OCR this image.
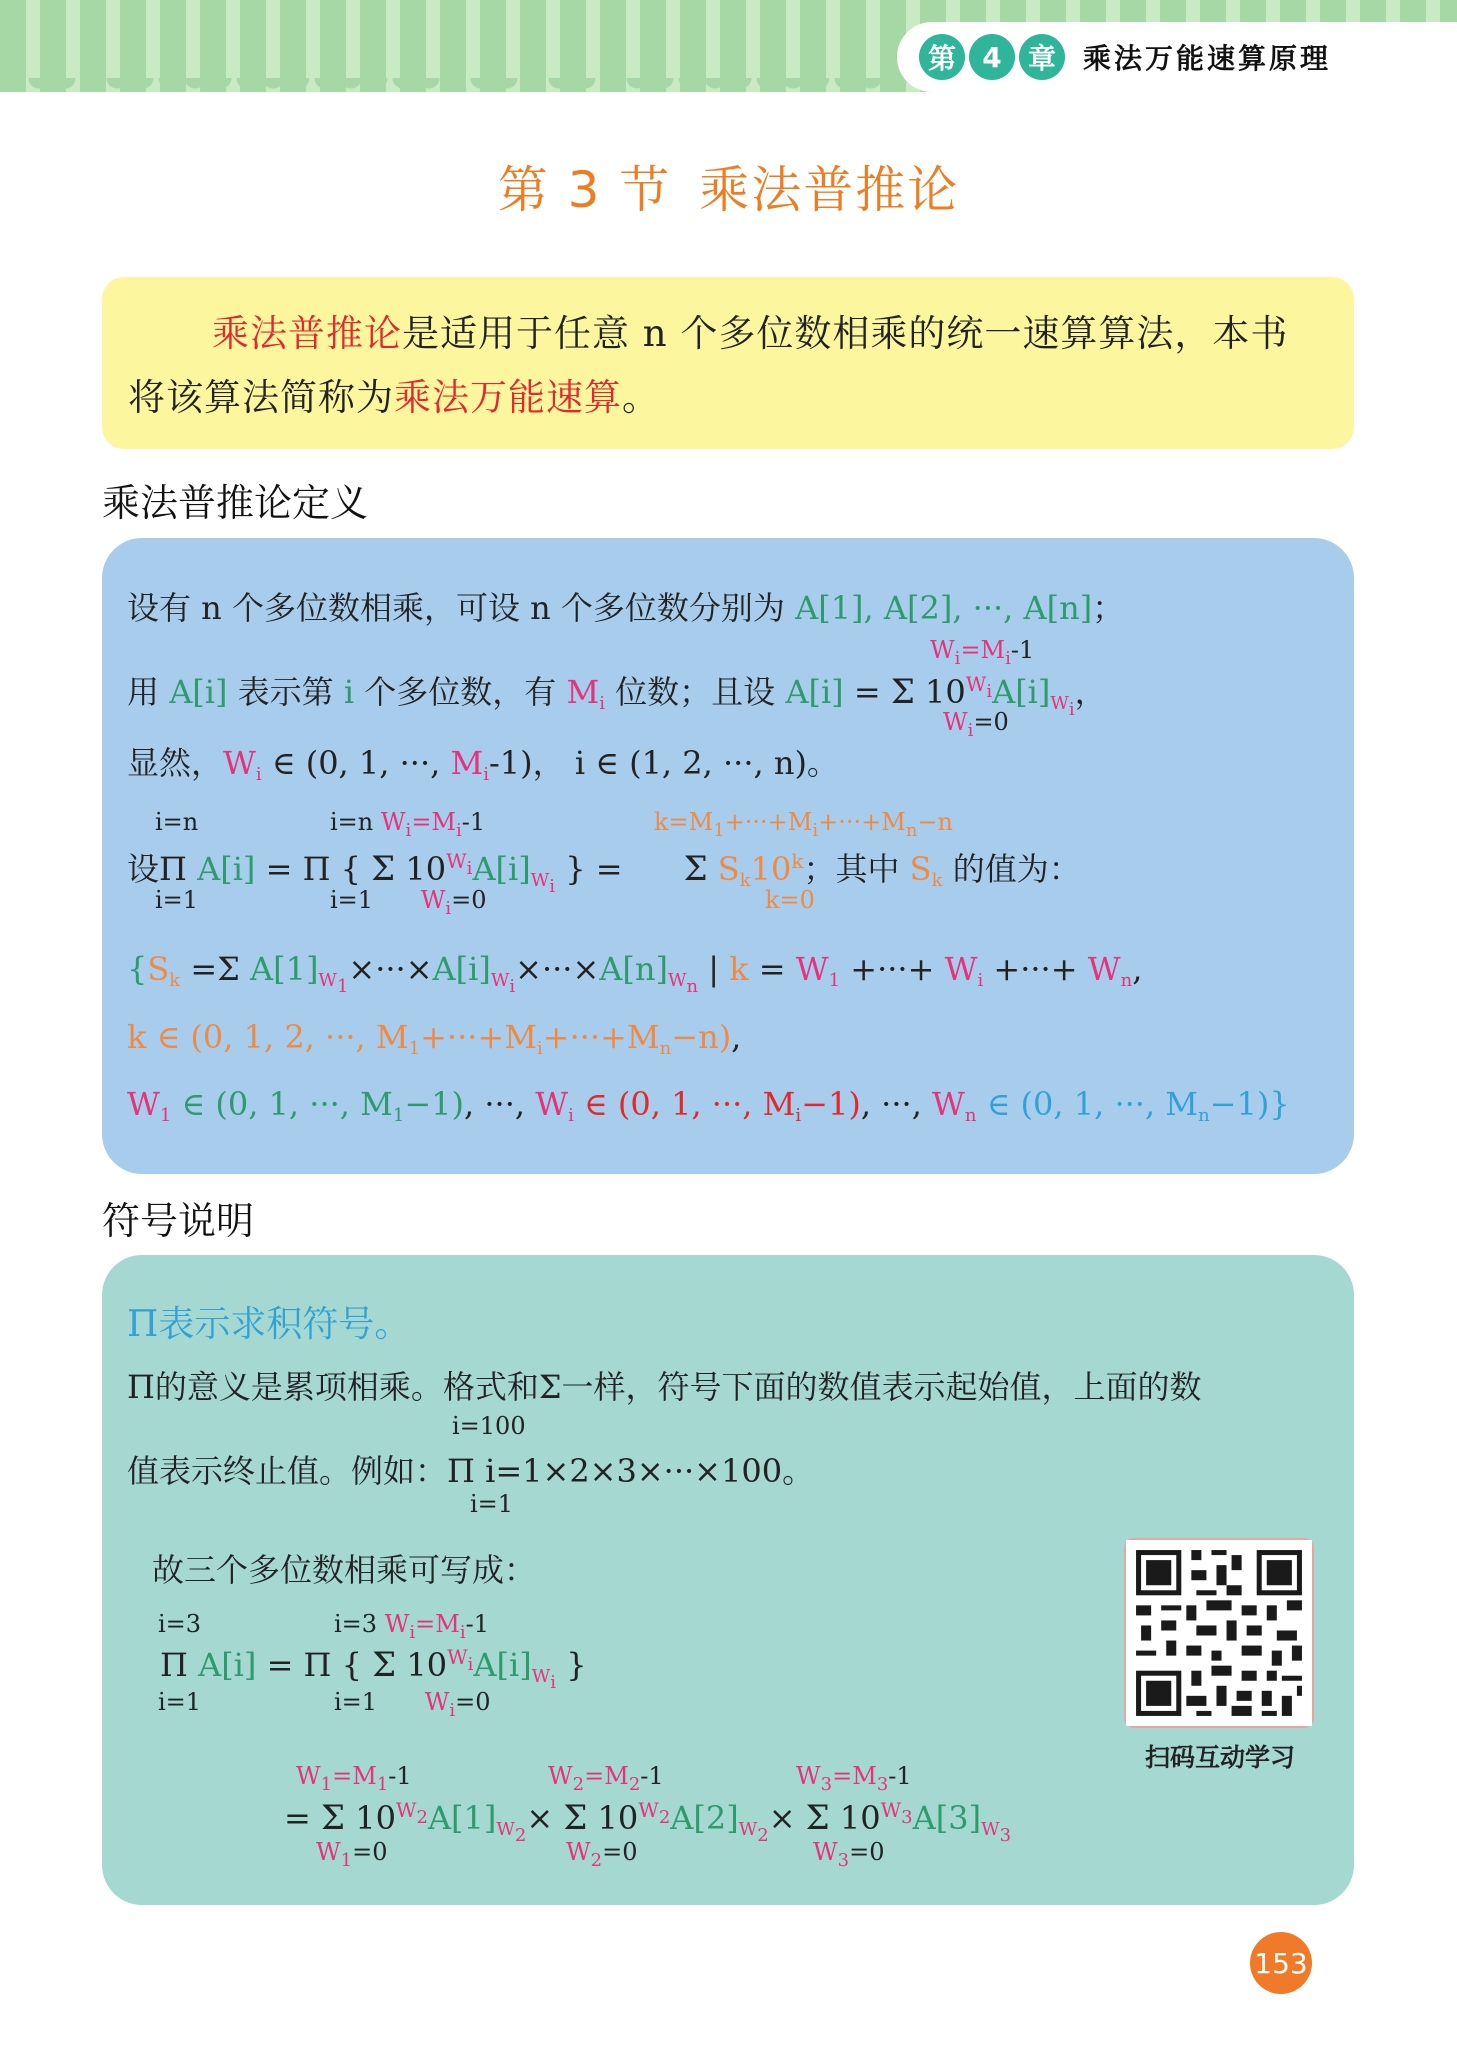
第 4 章 乘法万能速算原理
第 3 节 乘法普推论

乘法普推论是适用于任意 n 个多位数相乘的统一速算算法，本书将该算法简称为乘法万能速算。

乘法普推论定义
设有 n 个多位数相乘，可设 n 个多位数分别为 A[1], A[2], ···, A[n]；
$W_i=M_i-1$
用 A[i] 表示第 i 个多位数，有 $M_i$ 位数；且设 A[i] = Σ $10^{W_i}A[i]_{W_i}$，
$W_i=0$
显然，$W_i$ ∈ (0, 1, ···, $M_i-1$)， i ∈ (1, 2, ···, n)。
i=n	i=n $W_i=M_i-1$	$k=M_1+\cdot\cdot\cdot+M_i+\cdot\cdot\cdot+M_n-n$
设Π A[i] = Π { Σ $10^{W_i}A[i]_{W_i}$ } =      Σ $S_k10^k$；其中 $S_k$ 的值为：
i=1	i=1 $W_i=0$	k=0
{$S_k =\Sigma$ $A[1]_{W_1}\times\cdot\cdot\cdot\times A[i]_{W_i}\times\cdot\cdot\cdot\times A[n]_{W_n}$ | $k = W_1$ +···+ $W_i$ +···+ $W_n$,
k ∈ (0, 1, 2, ···, $M_1+\cdot\cdot\cdot+M_i+\cdot\cdot\cdot+M_n-n$),
$W_1$ ∈ (0, 1, ···, $M_1-1$), ···, $W_i$ ∈ (0, 1, ···, $M_i-1$), ···, $W_n$ ∈ (0, 1, ···, $M_n-1$)}
符号说明
Π表示求积符号。
Π的意义是累项相乘。格式和Σ一样，符号下面的数值表示起始值，上面的数
i=100
值表示终止值。例如：Π i=1×2×3×···×100。
i=1
故三个多位数相乘可写成：
i=3	i=3 $W_i=M_i-1$
Π A[i] = Π { Σ $10^{W_i}A[i]_{W_i}$ }
i=1	i=1 $W_i=0$
$W_1=M_1-1$	$W_2=M_2-1$	$W_3=M_3-1$
= Σ $10^{W_2}A[1]_{W_2}\times \Sigma$ $10^{W_2}A[2]_{W_2}\times \Sigma$ $10^{W_3}A[3]_{W_3}$
$W_1=0$	$W_2=0$	$W_3=0$
扫码互动学习
153
